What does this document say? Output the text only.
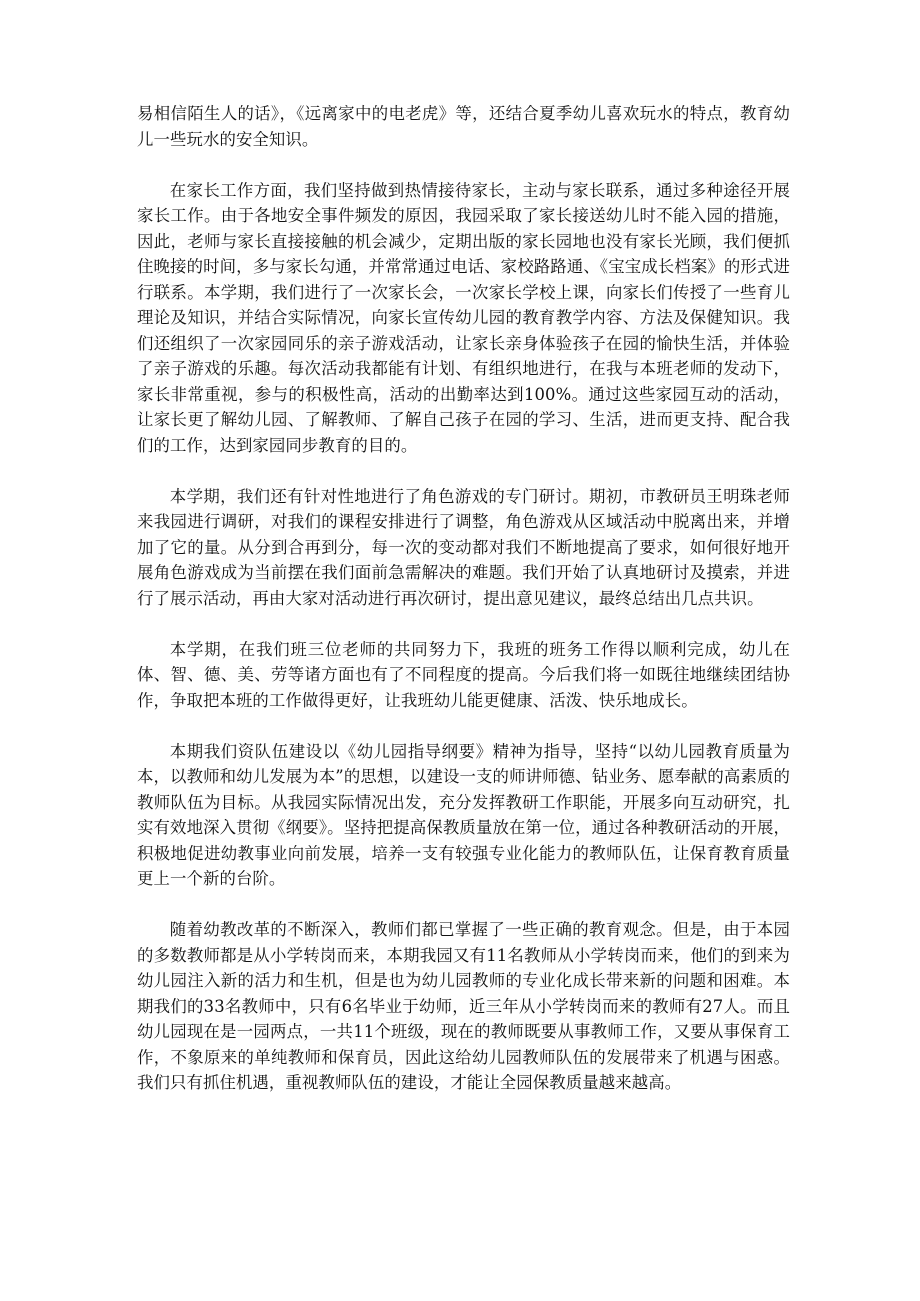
易相信陌生人的话》，《远离家中的电老虎》等，还结合夏季幼儿喜欢玩水的特点，教育幼儿一些玩水的安全知识。

在家长工作方面，我们坚持做到热情接待家长，主动与家长联系，通过多种途径开展家长工作。由于各地安全事件频发的原因，我园采取了家长接送幼儿时不能入园的措施，因此，老师与家长直接接触的机会减少，定期出版的家长园地也没有家长光顾，我们便抓住晚接的时间，多与家长勾通，并常常通过电话、家校路路通、《宝宝成长档案》的形式进行联系。本学期，我们进行了一次家长会，一次家长学校上课，向家长们传授了一些育儿理论及知识，并结合实际情况，向家长宣传幼儿园的教育教学内容、方法及保健知识。我们还组织了一次家园同乐的亲子游戏活动，让家长亲身体验孩子在园的愉快生活，并体验了亲子游戏的乐趣。每次活动我都能有计划、有组织地进行，在我与本班老师的发动下，家长非常重视，参与的积极性高，活动的出勤率达到100%。通过这些家园互动的活动，让家长更了解幼儿园、了解教师、了解自己孩子在园的学习、生活，进而更支持、配合我们的工作，达到家园同步教育的目的。

本学期，我们还有针对性地进行了角色游戏的专门研讨。期初，市教研员王明珠老师来我园进行调研，对我们的课程安排进行了调整，角色游戏从区域活动中脱离出来，并增加了它的量。从分到合再到分，每一次的变动都对我们不断地提高了要求，如何很好地开展角色游戏成为当前摆在我们面前急需解决的难题。我们开始了认真地研讨及摸索，并进行了展示活动，再由大家对活动进行再次研讨，提出意见建议，最终总结出几点共识。

本学期，在我们班三位老师的共同努力下，我班的班务工作得以顺利完成，幼儿在体、智、德、美、劳等诸方面也有了不同程度的提高。今后我们将一如既往地继续团结协作，争取把本班的工作做得更好，让我班幼儿能更健康、活泼、快乐地成长。

本期我们资队伍建设以《幼儿园指导纲要》精神为指导，坚持“以幼儿园教育质量为本，以教师和幼儿发展为本”的思想，以建设一支的师讲师德、钻业务、愿奉献的高素质的教师队伍为目标。从我园实际情况出发，充分发挥教研工作职能，开展多向互动研究，扎实有效地深入贯彻《纲要》。坚持把提高保教质量放在第一位，通过各种教研活动的开展，积极地促进幼教事业向前发展，培养一支有较强专业化能力的教师队伍，让保育教育质量更上一个新的台阶。

随着幼教改革的不断深入，教师们都已掌握了一些正确的教育观念。但是，由于本园的多数教师都是从小学转岗而来，本期我园又有11名教师从小学转岗而来，他们的到来为幼儿园注入新的活力和生机，但是也为幼儿园教师的专业化成长带来新的问题和困难。本期我们的33名教师中，只有6名毕业于幼师，近三年从小学转岗而来的教师有27人。而且幼儿园现在是一园两点，一共11个班级，现在的教师既要从事教师工作，又要从事保育工作，不象原来的单纯教师和保育员，因此这给幼儿园教师队伍的发展带来了机遇与困惑。我们只有抓住机遇，重视教师队伍的建设，才能让全园保教质量越来越高。
